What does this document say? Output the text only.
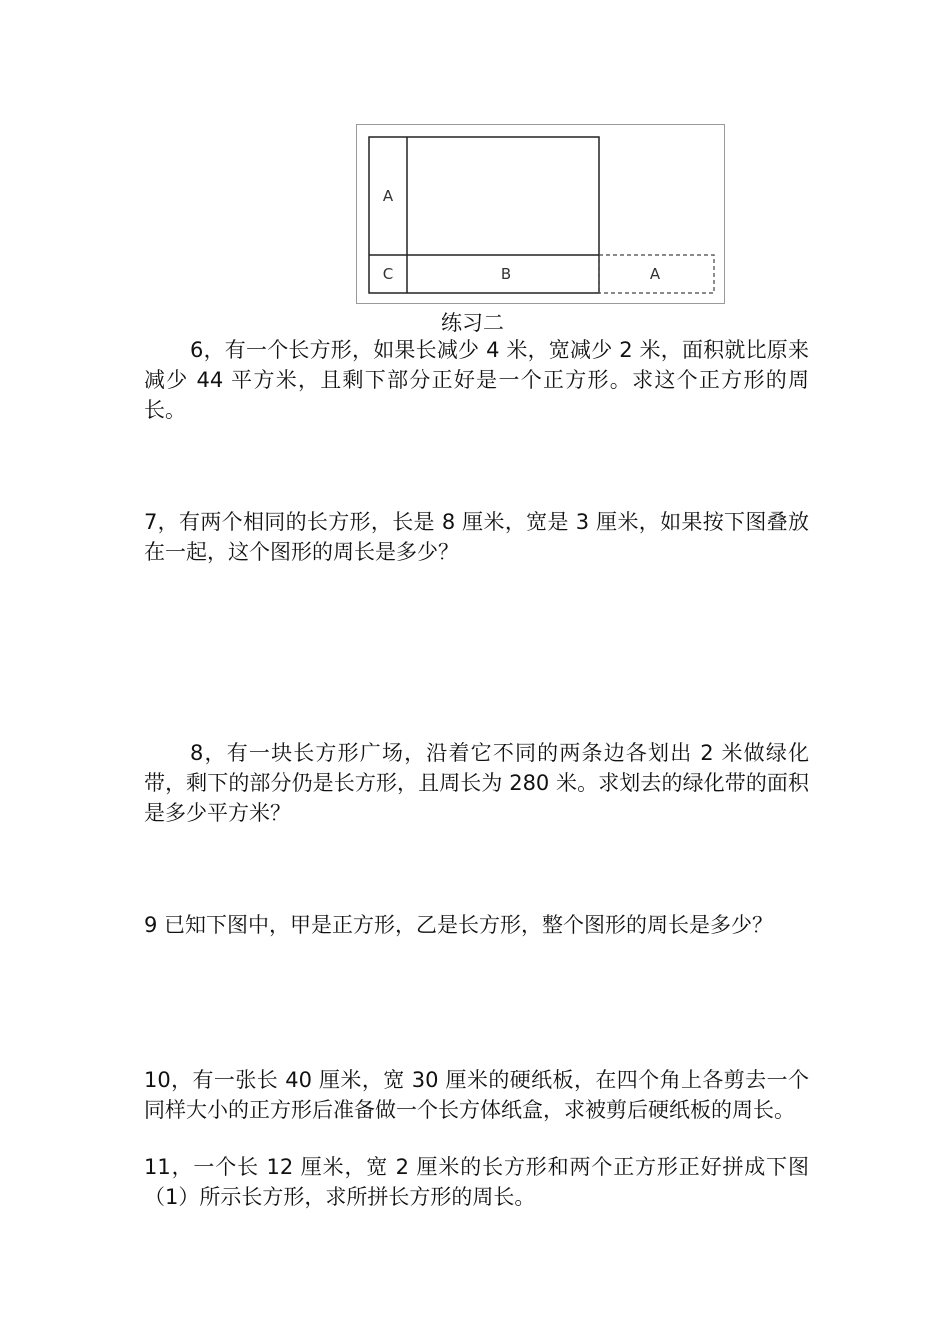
A
C	B	A
练习二
6，有一个长方形，如果长减少 4 米，宽减少 2 米，面积就比原来减少 44 平方米，且剩下部分正好是一个正方形。求这个正方形的周长。
7，有两个相同的长方形，长是 8 厘米，宽是 3 厘米，如果按下图叠放在一起，这个图形的周长是多少？
8，有一块长方形广场，沿着它不同的两条边各划出 2 米做绿化带，剩下的部分仍是长方形，且周长为 280 米。求划去的绿化带的面积是多少平方米？
9 已知下图中，甲是正方形，乙是长方形，整个图形的周长是多少？
10，有一张长 40 厘米，宽 30 厘米的硬纸板，在四个角上各剪去一个同样大小的正方形后准备做一个长方体纸盒，求被剪后硬纸板的周长。
11，一个长 12 厘米，宽 2 厘米的长方形和两个正方形正好拼成下图（1）所示长方形，求所拼长方形的周长。
